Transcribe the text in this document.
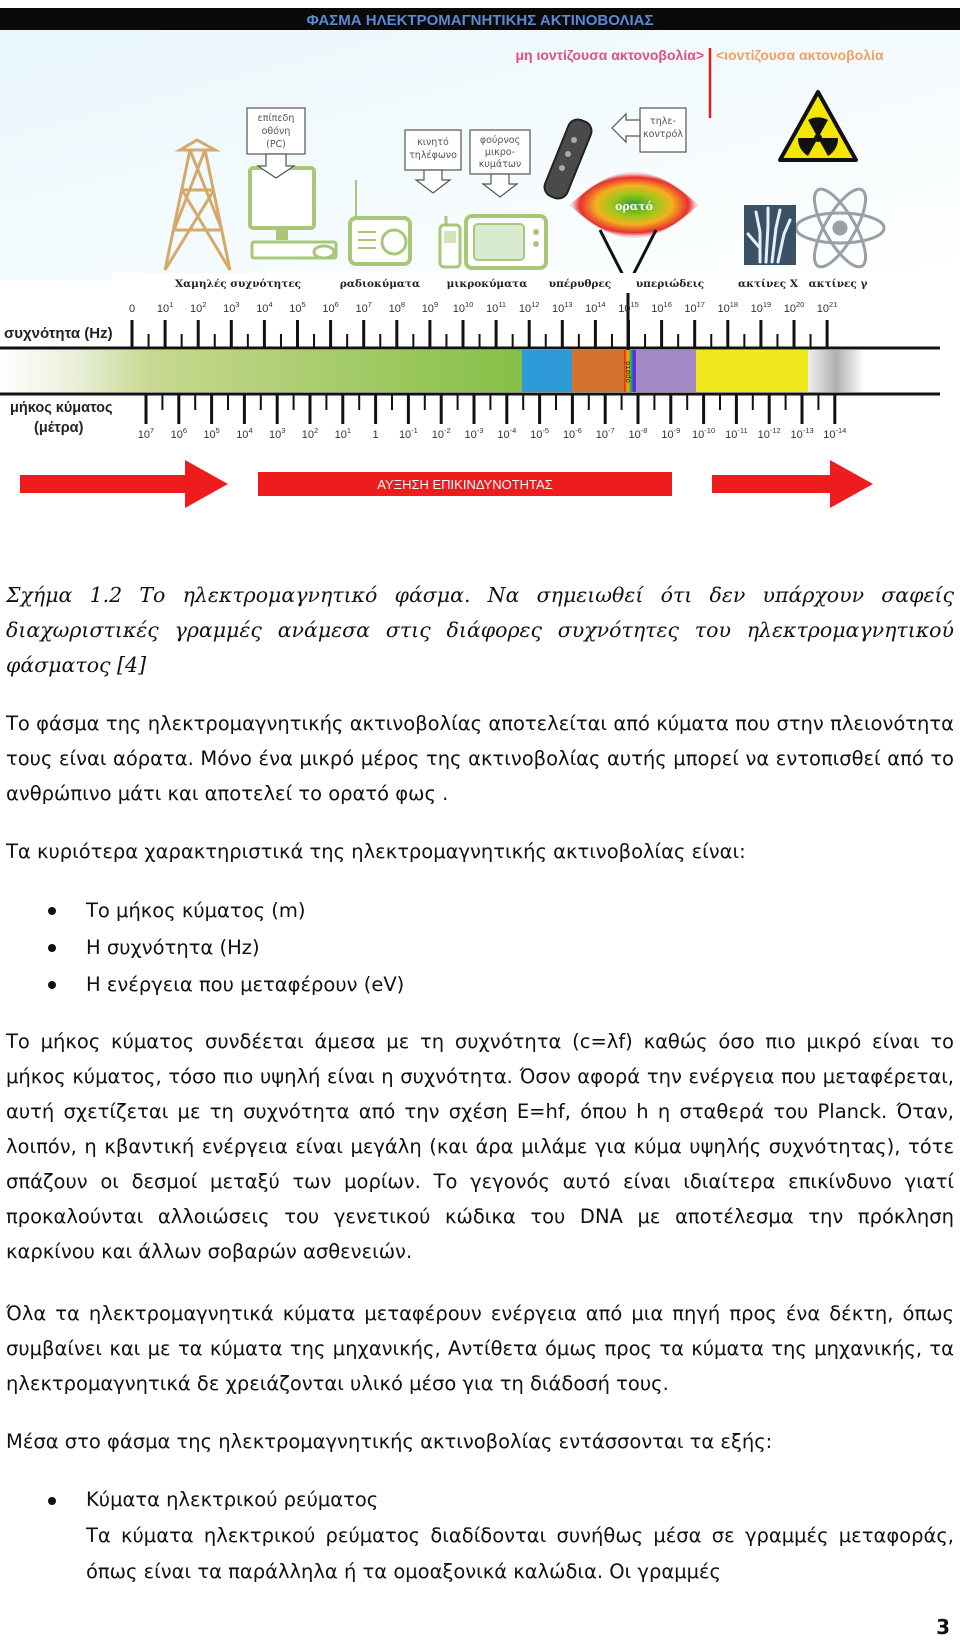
ΦΑΣΜΑ ΗΛΕΚΤΡΟΜΑΓΝΗΤΙΚΗΣ ΑΚΤΙΝΟΒΟΛΙΑΣ
μη ιοντίζουσα ακτονοβολία> <ιοντίζουσα ακτονοβολία
επίπεδη
οθόνη
(PC)	κινητό
τηλέφωνο
φούρνος
μικρο-
κυμάτων
τηλε-
κοντρόλ
ορατό
Χαμηλές συχνότητες	ραδιοκύματα	μικροκύματα υπέρυθρες υπεριώδεις	ακτίνες X ακτίνες γ
συχνότητα (Hz)
μήκος κύματος
(μέτρα)
ορατό
0 $10^1$ $10^2$ $10^3$ $10^4$ $10^5$ $10^6$ $10^7$ $10^8$ $10^9$ $10^{10}$ $10^{11}$ $10^{12}$ $10^{13}$ $10^{14}$ $10^{15}$ $10^{16}$ $10^{17}$ $10^{18}$ $10^{19}$ $10^{20}$ $10^{21}$
$10^7$ $10^6$ $10^5$ $10^4$ $10^3$ $10^2$ $10^1$ 1 $10^{-1}$ $10^{-2}$ $10^{-3}$ $10^{-4}$ $10^{-5}$ $10^{-6}$ $10^{-7}$ $10^{-8}$ $10^{-9}$ $10^{-10}$ $10^{-11}$ $10^{-12}$ $10^{-13}$ $10^{-14}$
ΑΥΞΗΣΗ ΕΠΙΚΙΝΔΥΝΟΤΗΤΑΣ
Σχήμα 1.2 Το ηλεκτρομαγνητικό φάσμα. Να σημειωθεί ότι δεν υπάρχουν σαφείς διαχωριστικές γραμμές ανάμεσα στις διάφορες συχνότητες του ηλεκτρομαγνητικού φάσματος [4]
Το φάσμα της ηλεκτρομαγνητικής ακτινοβολίας αποτελείται από κύματα που στην πλειονότητα τους είναι αόρατα. Μόνο ένα μικρό μέρος της ακτινοβολίας αυτής μπορεί να εντοπισθεί από το ανθρώπινο μάτι και αποτελεί το ορατό φως .
Τα κυριότερα χαρακτηριστικά της ηλεκτρομαγνητικής ακτινοβολίας είναι:
Το μήκος κύματος (m)
Η συχνότητα (Hz)
Η ενέργεια που μεταφέρουν (eV)
Το μήκος κύματος συνδέεται άμεσα με τη συχνότητα (c=λf) καθώς όσο πιο μικρό είναι το μήκος κύματος, τόσο πιο υψηλή είναι η συχνότητα. Όσον αφορά την ενέργεια που μεταφέρεται, αυτή σχετίζεται με τη συχνότητα από την σχέση E=hf, όπου h η σταθερά του Planck. Όταν, λοιπόν, η κβαντική ενέργεια είναι μεγάλη (και άρα μιλάμε για κύμα υψηλής συχνότητας), τότε σπάζουν οι δεσμοί μεταξύ των μορίων. Το γεγονός αυτό είναι ιδιαίτερα επικίνδυνο γιατί προκαλούνται αλλοιώσεις του γενετικού κώδικα του DNA με αποτέλεσμα την πρόκληση καρκίνου και άλλων σοβαρών ασθενειών.
Όλα τα ηλεκτρομαγνητικά κύματα μεταφέρουν ενέργεια από μια πηγή προς ένα δέκτη, όπως συμβαίνει και με τα κύματα της μηχανικής, Αντίθετα όμως προς τα κύματα της μηχανικής, τα ηλεκτρομαγνητικά δε χρειάζονται υλικό μέσο για τη διάδοσή τους.
Μέσα στο φάσμα της ηλεκτρομαγνητικής ακτινοβολίας εντάσσονται τα εξής:
Κύματα ηλεκτρικού ρεύματος
Τα κύματα ηλεκτρικού ρεύματος διαδίδονται συνήθως μέσα σε γραμμές μεταφοράς, όπως είναι τα παράλληλα ή τα ομοαξονικά καλώδια. Οι γραμμές
3
